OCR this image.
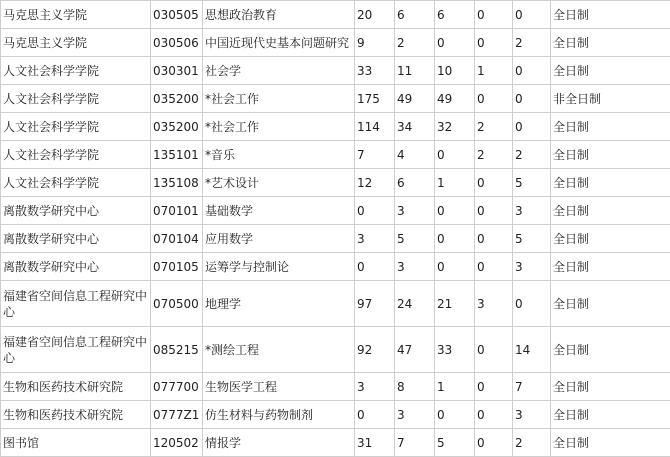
马克思主义学院	030505	思想政治教育	20	6	6	0	0	全日制
马克思主义学院	030506	中国近现代史基本问题研究	9	2	0	0	2	全日制
人文社会科学学院	030301	社会学	33	11	10	1	0	全日制
人文社会科学学院	035200	*社会工作	175	49	49	0	0	非全日制
人文社会科学学院	035200	*社会工作	114	34	32	2	0	全日制
人文社会科学学院	135101	*音乐	7	4	0	2	2	全日制
人文社会科学学院	135108	*艺术设计	12	6	1	0	5	全日制
离散数学研究中心	070101	基础数学	0	3	0	0	3	全日制
离散数学研究中心	070104	应用数学	3	5	0	0	5	全日制
离散数学研究中心	070105	运筹学与控制论	0	3	0	0	3	全日制
福建省空间信息工程研究中心	070500	地理学	97	24	21	3	0	全日制
福建省空间信息工程研究中心	085215	*测绘工程	92	47	33	0	14	全日制
生物和医药技术研究院	077700	生物医学工程	3	8	1	0	7	全日制
生物和医药技术研究院	0777Z1	仿生材料与药物制剂	0	3	0	0	3	全日制
图书馆	120502	情报学	31	7	5	0	2	全日制
